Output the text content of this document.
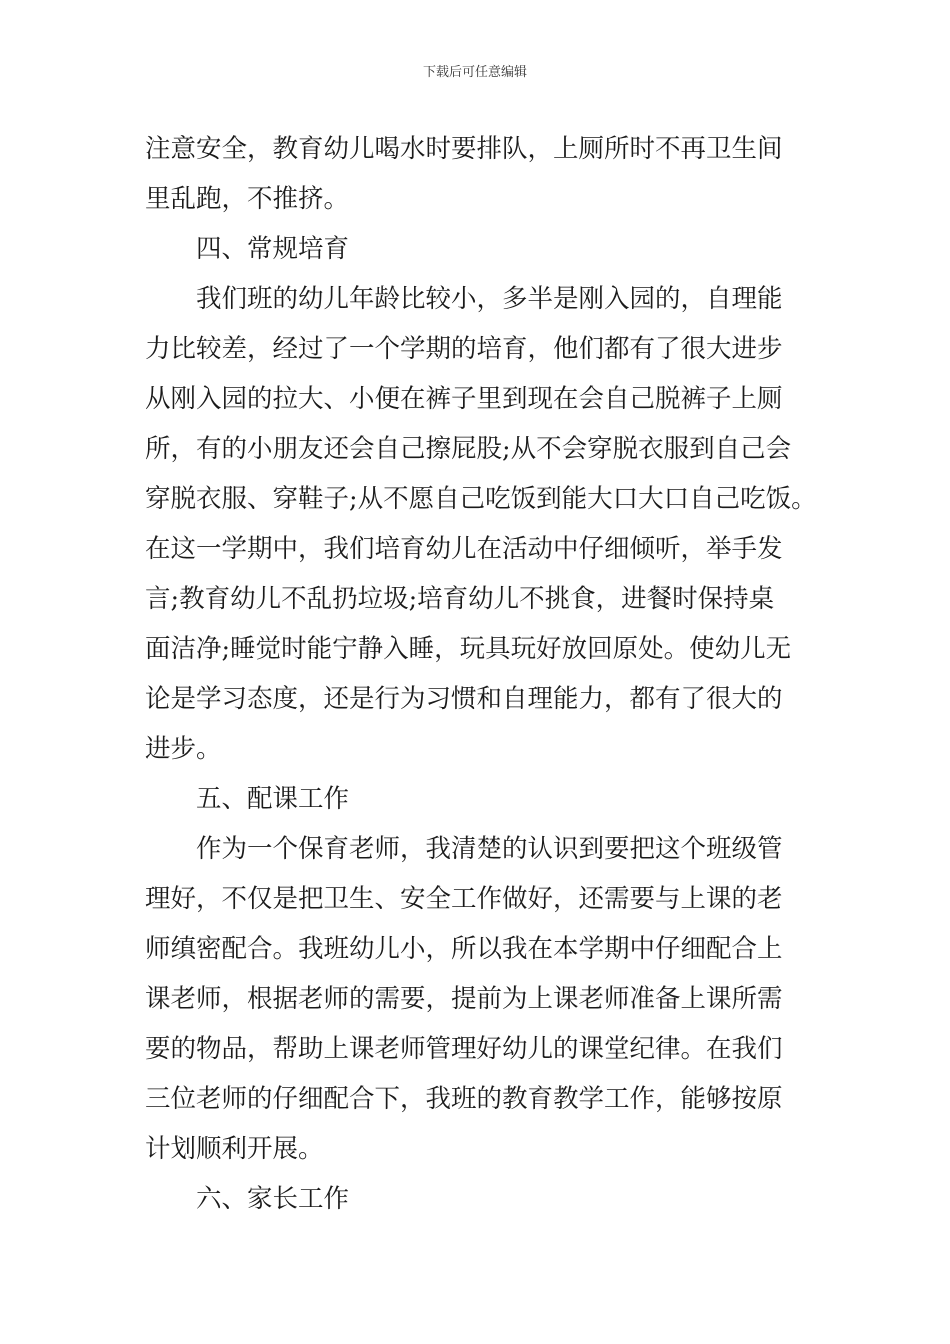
下载后可任意编辑
注意安全，教育幼儿喝水时要排队，上厕所时不再卫生间
里乱跑，不推挤。
四、常规培育
我们班的幼儿年龄比较小，多半是刚入园的，自理能
力比较差，经过了一个学期的培育，他们都有了很大进步
从刚入园的拉大、小便在裤子里到现在会自己脱裤子上厕
所，有的小朋友还会自己擦屁股;从不会穿脱衣服到自己会
穿脱衣服、穿鞋子;从不愿自己吃饭到能大口大口自己吃饭。
在这一学期中，我们培育幼儿在活动中仔细倾听，举手发
言;教育幼儿不乱扔垃圾;培育幼儿不挑食，进餐时保持桌
面洁净;睡觉时能宁静入睡，玩具玩好放回原处。使幼儿无
论是学习态度，还是行为习惯和自理能力，都有了很大的
进步。
五、配课工作
作为一个保育老师，我清楚的认识到要把这个班级管
理好，不仅是把卫生、安全工作做好，还需要与上课的老
师缜密配合。我班幼儿小，所以我在本学期中仔细配合上
课老师，根据老师的需要，提前为上课老师准备上课所需
要的物品，帮助上课老师管理好幼儿的课堂纪律。在我们
三位老师的仔细配合下，我班的教育教学工作，能够按原
计划顺利开展。
六、家长工作
